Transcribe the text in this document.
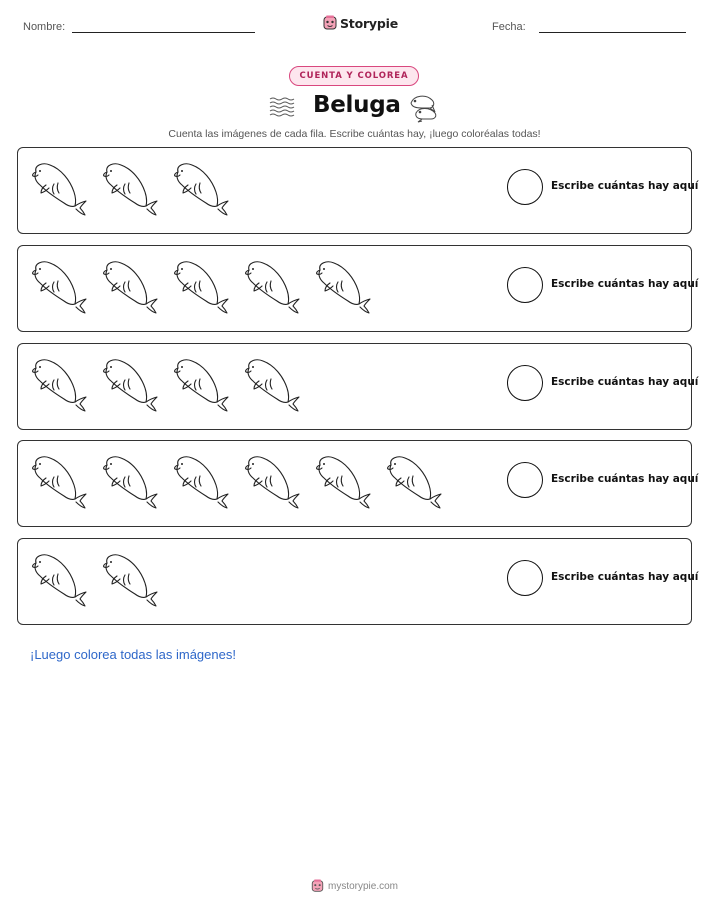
Nombre:	Storypie	Fecha:
CUENTA Y COLOREA
Beluga
Cuenta las imágenes de cada fila. Escribe cuántas hay, ¡luego coloréalas todas!
Escribe cuántas hay aquí
Escribe cuántas hay aquí
Escribe cuántas hay aquí
Escribe cuántas hay aquí
Escribe cuántas hay aquí
¡Luego colorea todas las imágenes!
mystorypie.com
